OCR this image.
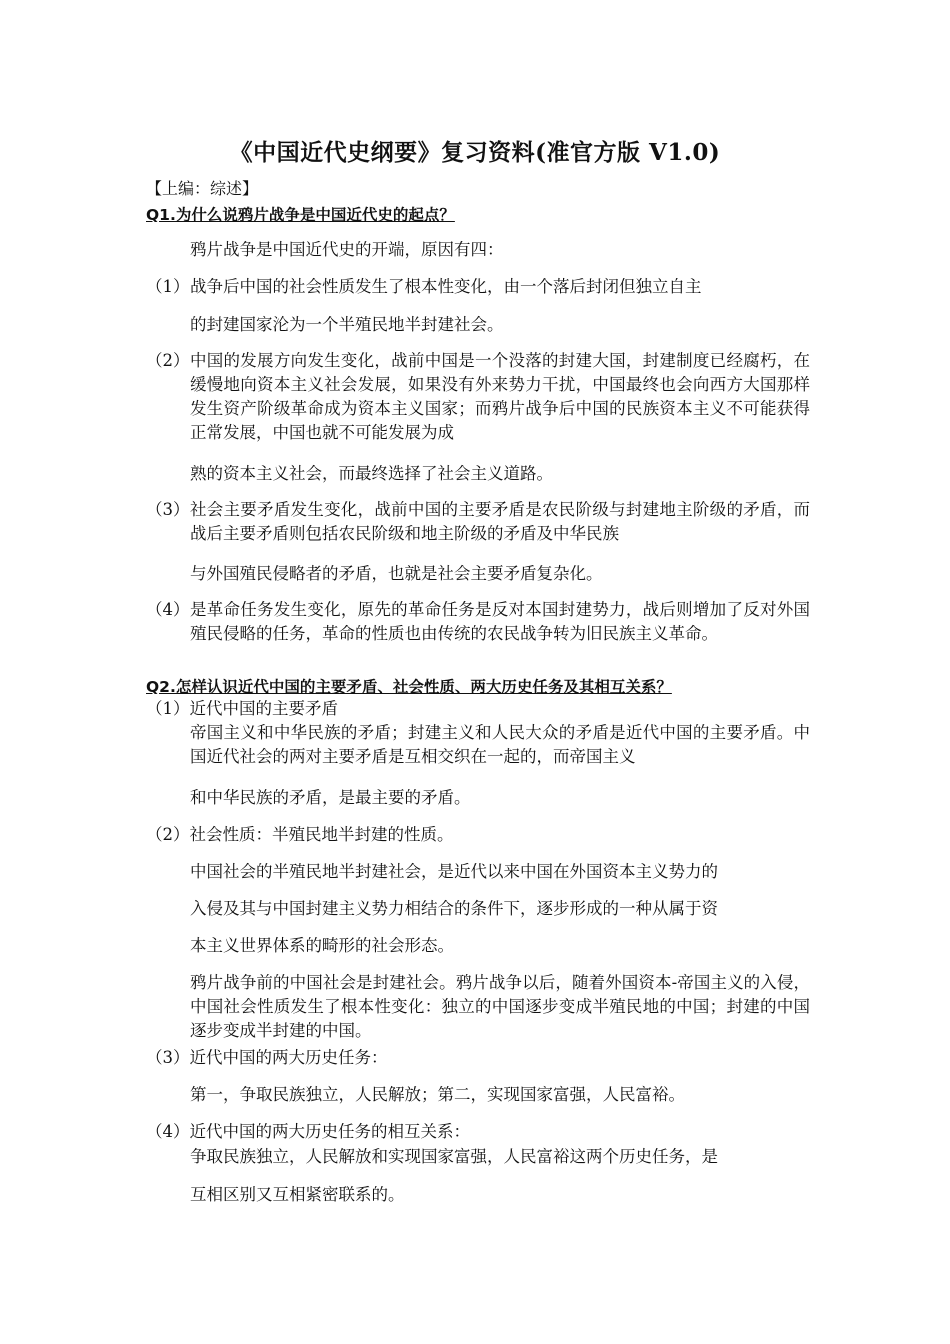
《中国近代史纲要》复习资料(准官方版 V1.0)
【上编：综述】
Q1.为什么说鸦片战争是中国近代史的起点？
鸦片战争是中国近代史的开端，原因有四：
（1） 战争后中国的社会性质发生了根本性变化，由一个落后封闭但独立自主
的封建国家沦为一个半殖民地半封建社会。
（2） 中国的发展方向发生变化，战前中国是一个没落的封建大国，封建制度已经腐朽，在缓慢地向资本主义社会发展，如果没有外来势力干扰，中国最终也会向西方大国那样发生资产阶级革命成为资本主义国家；而鸦片战争后中国的民族资本主义不可能获得正常发展，中国也就不可能发展为成
熟的资本主义社会，而最终选择了社会主义道路。
（3） 社会主要矛盾发生变化，战前中国的主要矛盾是农民阶级与封建地主阶级的矛盾，而战后主要矛盾则包括农民阶级和地主阶级的矛盾及中华民族
与外国殖民侵略者的矛盾，也就是社会主要矛盾复杂化。
（4） 是革命任务发生变化，原先的革命任务是反对本国封建势力，战后则增加了反对外国殖民侵略的任务，革命的性质也由传统的农民战争转为旧民族主义革命。
Q2.怎样认识近代中国的主要矛盾、社会性质、两大历史任务及其相互关系？
（1）近代中国的主要矛盾
帝国主义和中华民族的矛盾；封建主义和人民大众的矛盾是近代中国的主要矛盾。中国近代社会的两对主要矛盾是互相交织在一起的，而帝国主义
和中华民族的矛盾，是最主要的矛盾。
（2）社会性质：半殖民地半封建的性质。
中国社会的半殖民地半封建社会，是近代以来中国在外国资本主义势力的
入侵及其与中国封建主义势力相结合的条件下，逐步形成的一种从属于资
本主义世界体系的畸形的社会形态。
鸦片战争前的中国社会是封建社会。鸦片战争以后，随着外国资本-帝国主义的入侵，中国社会性质发生了根本性变化：独立的中国逐步变成半殖民地的中国；封建的中国逐步变成半封建的中国。
（3）近代中国的两大历史任务：
第一，争取民族独立，人民解放；第二，实现国家富强，人民富裕。
（4）近代中国的两大历史任务的相互关系：
争取民族独立，人民解放和实现国家富强，人民富裕这两个历史任务，是
互相区别又互相紧密联系的。
